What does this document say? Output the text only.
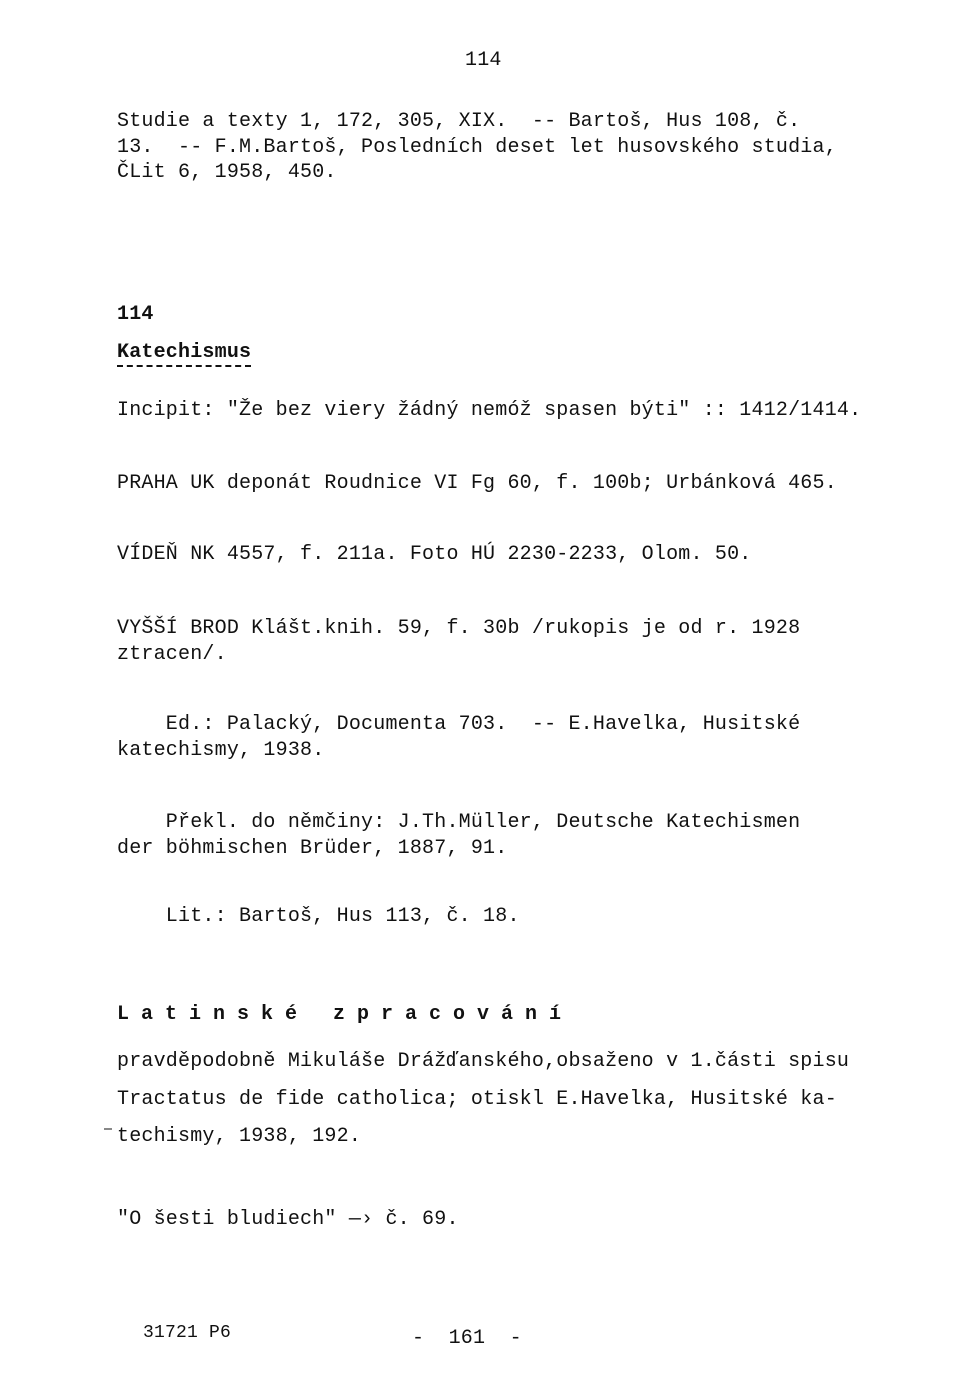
114
Studie a texty 1, 172, 305, XIX.  -- Bartoš, Hus 108, č.
13.  -- F.M.Bartoš, Posledních deset let husovského studia,
ČLit 6, 1958, 450.
114
Katechismus
Incipit: "Že bez viery žádný nemóž spasen býti" :: 1412/1414.
PRAHA UK deponát Roudnice VI Fg 60, f. 100b; Urbánková 465.
VÍDEŇ NK 4557, f. 211a. Foto HÚ 2230-2233, Olom. 50.
VYŠŠÍ BROD Klášt.knih. 59, f. 30b /rukopis je od r. 1928
ztracen/.
Ed.: Palacký, Documenta 703.  -- E.Havelka, Husitské
katechismy, 1938.
Překl. do němčiny: J.Th.Müller, Deutsche Katechismen
der böhmischen Brüder, 1887, 91.
Lit.: Bartoš, Hus 113, č. 18.
Latinské zpracování
pravděpodobně Mikuláše Drážďanského,obsaženo v 1.části spisu
Tractatus de fide catholica; otiskl E.Havelka, Husitské ka-
techismy, 1938, 192.
"O šesti bludiech" —› č. 69.
31721 P6	-  161  -
